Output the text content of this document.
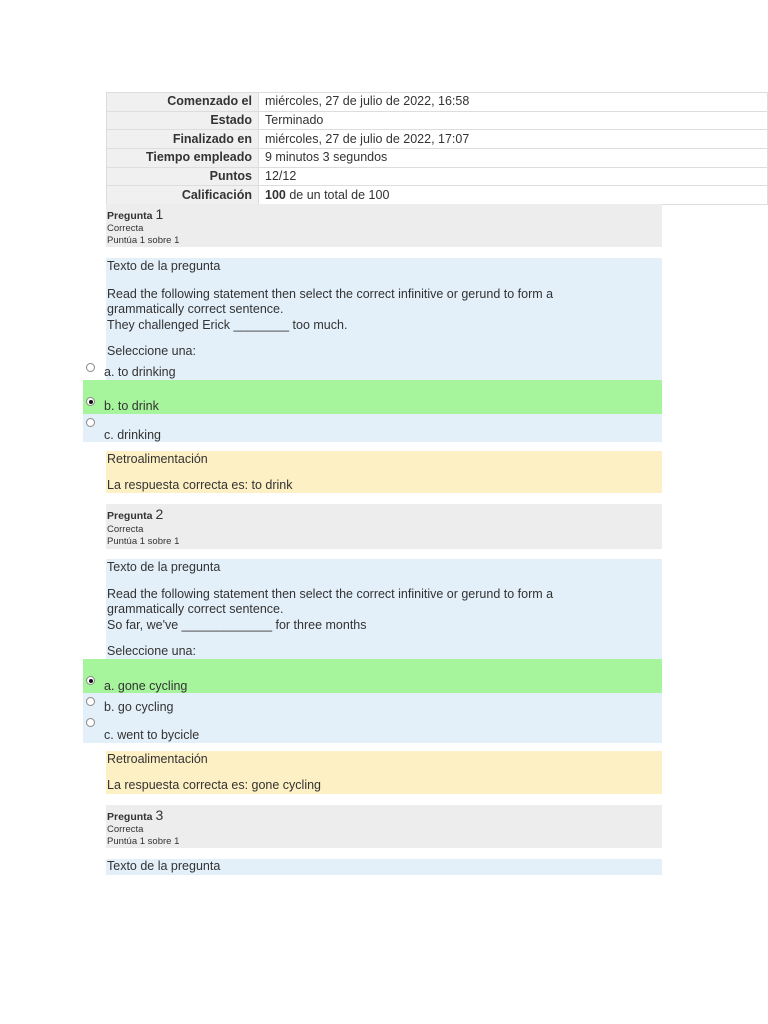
Comenzado el	miércoles, 27 de julio de 2022, 16:58
Estado	Terminado
Finalizado en	miércoles, 27 de julio de 2022, 17:07
Tiempo empleado	9 minutos 3 segundos
Puntos	12/12
Calificación	100 de un total de 100
Pregunta 1
Correcta
Puntúa 1 sobre 1
Texto de la pregunta
Read the following statement then select the correct infinitive or gerund to form a
grammatically correct sentence.
They challenged Erick ________ too much.
Seleccione una:
a. to drinking
b. to drink
c. drinking
Retroalimentación
La respuesta correcta es: to drink
Pregunta 2
Correcta
Puntúa 1 sobre 1
Texto de la pregunta
Read the following statement then select the correct infinitive or gerund to form a
grammatically correct sentence.
So far, we've _____________ for three months
Seleccione una:
a. gone cycling
b. go cycling
c. went to bycicle
Retroalimentación
La respuesta correcta es: gone cycling
Pregunta 3
Correcta
Puntúa 1 sobre 1
Texto de la pregunta
